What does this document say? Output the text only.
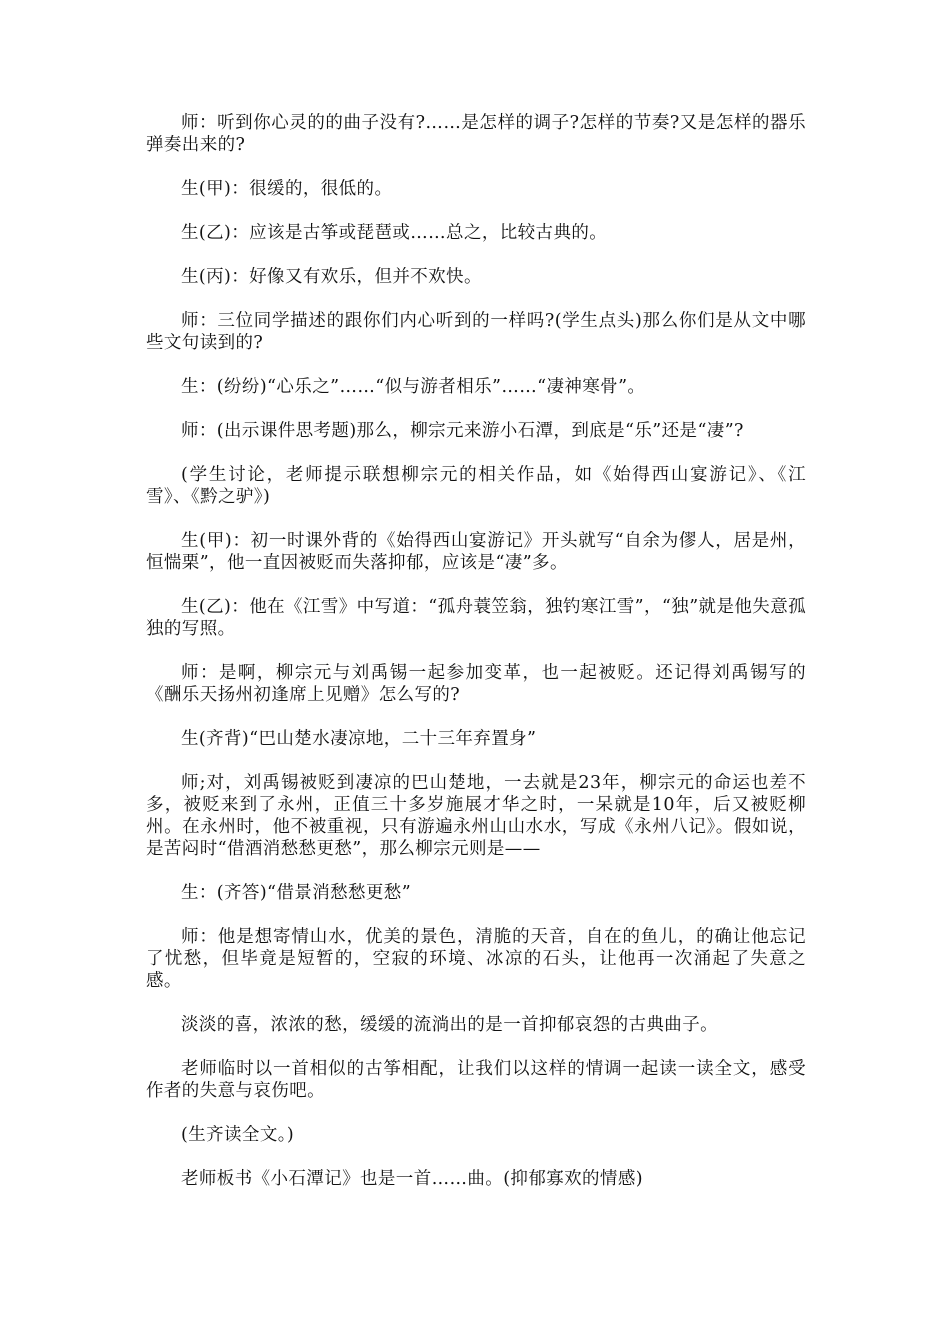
师：听到你心灵的的曲子没有?……是怎样的调子?怎样的节奏?又是怎样的器乐弹奏出来的?

生(甲)：很缓的，很低的。

生(乙)：应该是古筝或琵琶或……总之，比较古典的。

生(丙)：好像又有欢乐，但并不欢快。

师：三位同学描述的跟你们内心听到的一样吗?(学生点头)那么你们是从文中哪些文句读到的?

生：(纷纷)“心乐之”……“似与游者相乐”……“凄神寒骨”。

师：(出示课件思考题)那么，柳宗元来游小石潭，到底是“乐”还是“凄”?

(学生讨论，老师提示联想柳宗元的相关作品，如《始得西山宴游记》、《江雪》、《黔之驴》)

生(甲)：初一时课外背的《始得西山宴游记》开头就写“自余为僇人，居是州，恒惴栗”，他一直因被贬而失落抑郁，应该是“凄”多。

生(乙)：他在《江雪》中写道：“孤舟蓑笠翁，独钓寒江雪”，“独”就是他失意孤独的写照。

师：是啊，柳宗元与刘禹锡一起参加变革，也一起被贬。还记得刘禹锡写的《酬乐天扬州初逢席上见赠》怎么写的?

生(齐背)“巴山楚水凄凉地，二十三年弃置身”

师;对，刘禹锡被贬到凄凉的巴山楚地，一去就是23年，柳宗元的命运也差不多，被贬来到了永州，正值三十多岁施展才华之时，一呆就是10年，后又被贬柳州。在永州时，他不被重视，只有游遍永州山山水水，写成《永州八记》。假如说，是苦闷时“借酒消愁愁更愁”，那么柳宗元则是——

生：(齐答)“借景消愁愁更愁”

师：他是想寄情山水，优美的景色，清脆的天音，自在的鱼儿，的确让他忘记了忧愁，但毕竟是短暂的，空寂的环境、冰凉的石头，让他再一次涌起了失意之感。

淡淡的喜，浓浓的愁，缓缓的流淌出的是一首抑郁哀怨的古典曲子。

老师临时以一首相似的古筝相配，让我们以这样的情调一起读一读全文，感受作者的失意与哀伤吧。

(生齐读全文。)

老师板书《小石潭记》也是一首……曲。(抑郁寡欢的情感)
